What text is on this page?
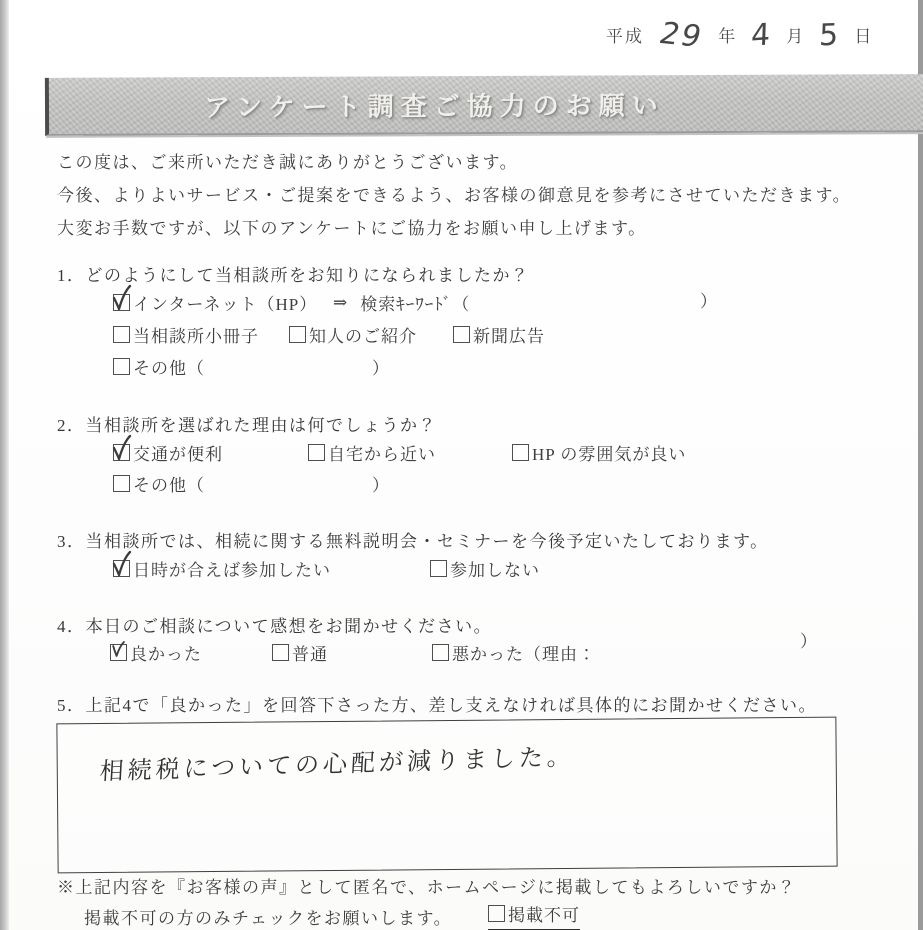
平成 29 年 4 月 5 日
アンケート調査ご協力のお願い
この度は、ご来所いただき誠にありがとうございます。
今後、よりよいサービス・ご提案をできるよう、お客様の御意見を参考にさせていただきます。
大変お手数ですが、以下のアンケートにご協力をお願い申し上げます。
1．どのようにして当相談所をお知りになられましたか？
インターネット（HP） ⇒ 検索ｷｰﾜｰﾄﾞ（	）
当相談所小冊子	知人のご紹介	新聞広告
その他（	）
2．当相談所を選ばれた理由は何でしょうか？
交通が便利	自宅から近い	HP の雰囲気が良い
その他（	）
3．当相談所では、相続に関する無料説明会・セミナーを今後予定いたしております。
日時が合えば参加したい	参加しない
4．本日のご相談について感想をお聞かせください。
良かった	普通	悪かった（理由：
）
5．上記4で「良かった」を回答下さった方、差し支えなければ具体的にお聞かせください。
相続税についての心配が減りました。
※上記内容を『お客様の声』として匿名で、ホームページに掲載してもよろしいですか？
掲載不可の方のみチェックをお願いします。	掲載不可
